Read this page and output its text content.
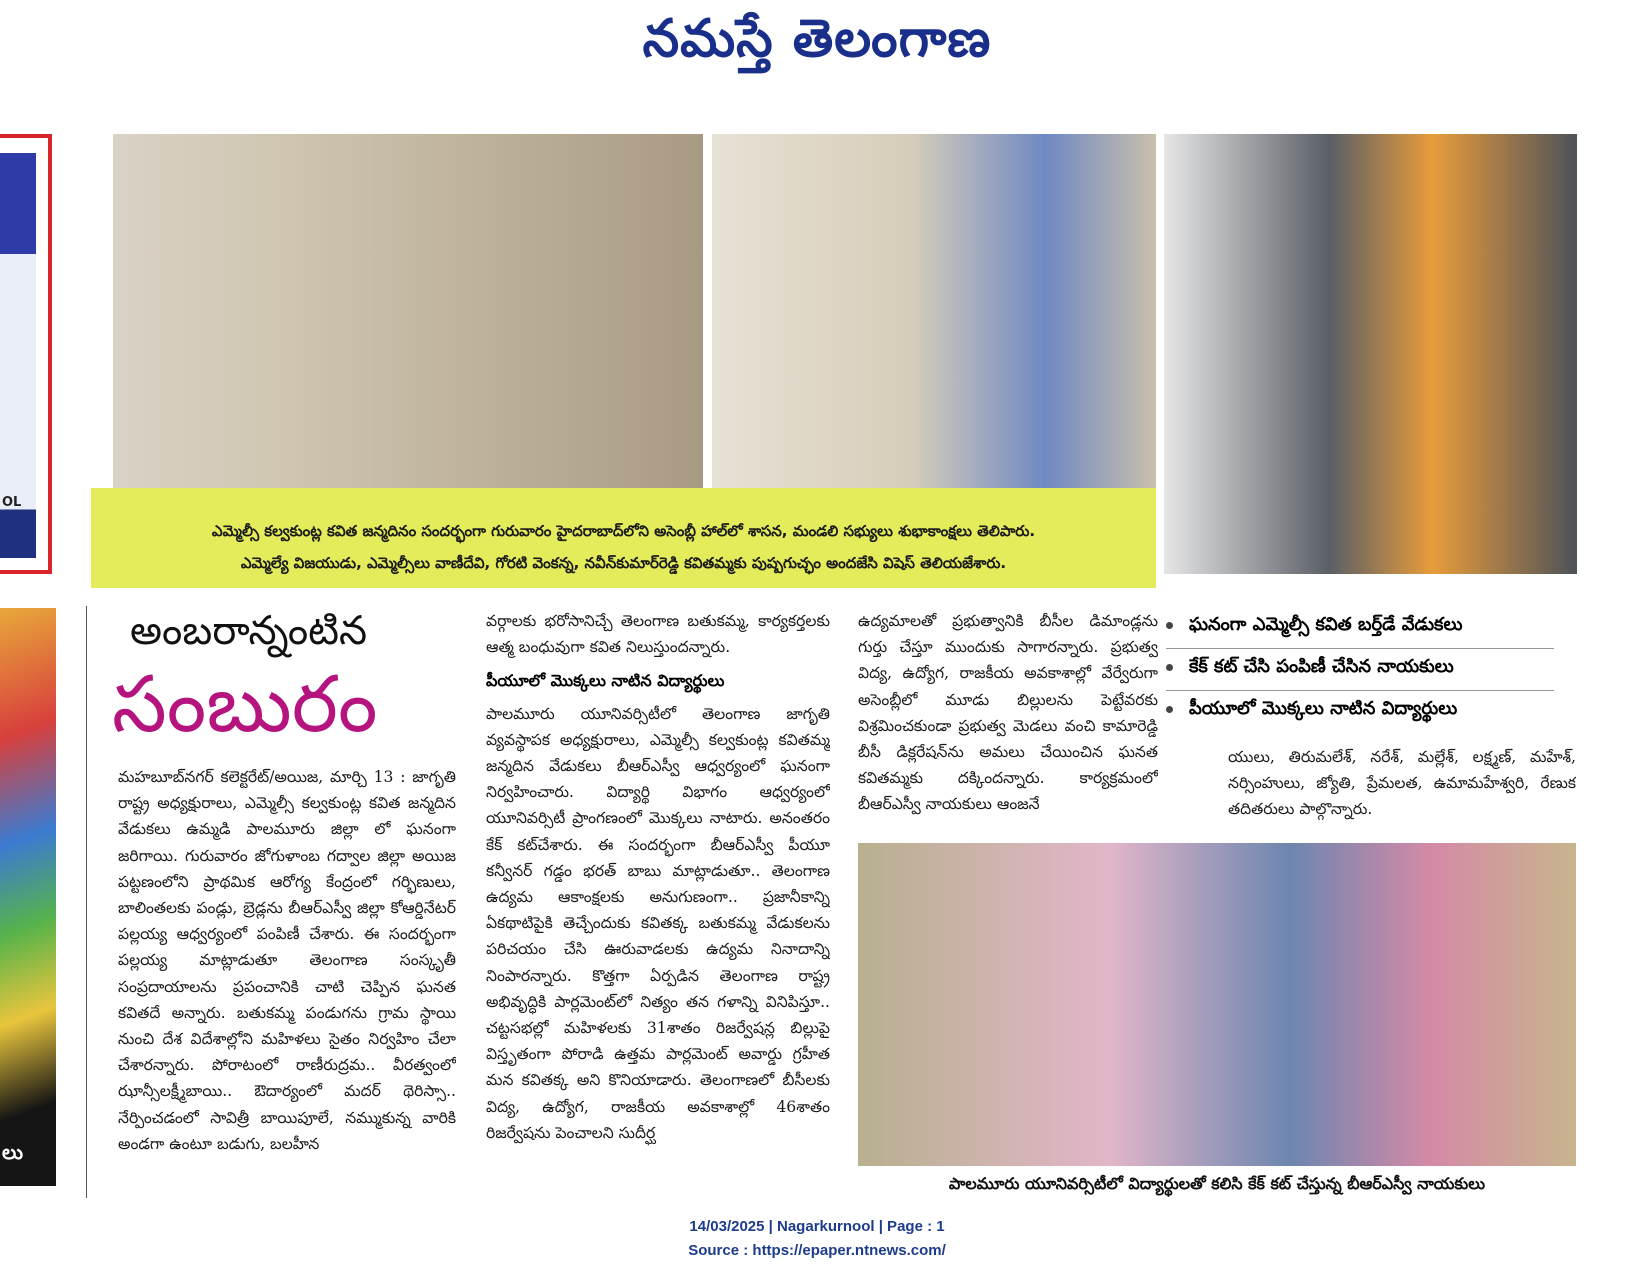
నమస్తే తెలంగాణ
OL
లు
ఎమ్మెల్సీ కల్వకుంట్ల కవిత జన్మదినం సందర్భంగా గురువారం హైదరాబాద్‌లోని అసెంబ్లీ హాల్‌లో శాసన, మండలి సభ్యులు శుభాకాంక్షలు తెలిపారు.
ఎమ్మెల్యే విజయుడు, ఎమ్మెల్సీలు వాణీదేవి, గోరటి వెంకన్న, నవీన్‌కుమార్‌రెడ్డి కవితమ్మకు పుష్పగుచ్ఛం అందజేసి విషెస్ తెలియజేశారు.
అంబరాన్నంటిన
సంబురం

మహబూబ్‌నగర్ కలెక్టరేట్/అయిజ, మార్చి 13 : జాగృతి రాష్ట్ర అధ్యక్షురాలు, ఎమ్మెల్సీ కల్వకుంట్ల కవిత జన్మదిన వేడుకలు ఉమ్మడి పాలమూరు జిల్లా లో ఘనంగా జరిగాయి. గురువారం జోగుళాంబ గద్వాల జిల్లా అయిజ పట్టణంలోని ప్రాథమిక ఆరోగ్య కేంద్రంలో గర్భిణులు, బాలింతలకు పండ్లు, బ్రెడ్లను బీఆర్ఎస్వీ జిల్లా కోఆర్డినేటర్ పల్లయ్య ఆధ్వర్యంలో పంపిణీ చేశారు. ఈ సందర్భంగా పల్లయ్య మాట్లాడుతూ తెలంగాణ సంస్కృతీ సంప్రదాయాలను ప్రపంచానికి చాటి చెప్పిన ఘనత కవితదే అన్నారు. బతుకమ్మ పండుగను గ్రామ స్థాయి నుంచి దేశ విదేశాల్లోని మహిళలు సైతం నిర్వహిం చేలా చేశారన్నారు. పోరాటంలో రాణీరుద్రమ.. వీరత్వంలో ఝాన్సీలక్ష్మీబాయి.. ఔదార్యంలో మదర్ థెరిస్సా.. నేర్పించడంలో సావిత్రీ బాయిపూలే, నమ్ముకున్న వారికి అండగా ఉంటూ బడుగు, బలహీన

వర్గాలకు భరోసానిచ్చే తెలంగాణ బతుకమ్మ, కార్యకర్తలకు ఆత్మ బంధువుగా కవిత నిలుస్తుందన్నారు.

పీయూలో మొక్కలు నాటిన విద్యార్థులు

పాలమూరు యూనివర్సిటీలో తెలంగాణ జాగృతి వ్యవస్థాపక అధ్యక్షురాలు, ఎమ్మెల్సీ కల్వకుంట్ల కవితమ్మ జన్మదిన వేడుకలు బీఆర్ఎస్వీ ఆధ్వర్యంలో ఘనంగా నిర్వహించారు. విద్యార్థి విభాగం ఆధ్వర్యంలో యూనివర్సిటీ ప్రాంగణంలో మొక్కలు నాటారు. అనంతరం కేక్ కట్‌చేశారు. ఈ సందర్భంగా బీఆర్ఎస్వీ పీయూ కన్వీనర్ గడ్డం భరత్ బాబు మాట్లాడుతూ.. తెలంగాణ ఉద్యమ ఆకాంక్షలకు అనుగుణంగా.. ప్రజానీకాన్ని ఏకథాటిపైకి తెచ్చేందుకు కవితక్క బతుకమ్మ వేడుకలను పరిచయం చేసి ఊరువాడలకు ఉద్యమ నినాదాన్ని నింపారన్నారు. కొత్తగా ఏర్పడిన తెలంగాణ రాష్ట్ర అభివృద్ధికి పార్లమెంట్‌లో నిత్యం తన గళాన్ని వినిపిస్తూ.. చట్టసభల్లో మహిళలకు 31శాతం రిజర్వేషన్ల బిల్లుపై విస్తృతంగా పోరాడి ఉత్తమ పార్లమెంట్ అవార్డు గ్రహీత మన కవితక్క అని కొనియాడారు. తెలంగాణలో బీసీలకు విద్య, ఉద్యోగ, రాజకీయ అవకాశాల్లో 46శాతం రిజర్వేషను పెంచాలని సుదీర్ఘ

ఉద్యమాలతో ప్రభుత్వానికి బీసీల డిమాండ్లను గుర్తు చేస్తూ ముందుకు సాగారన్నారు. ప్రభుత్వ విద్య, ఉద్యోగ, రాజకీయ అవకాశాల్లో వేర్వేరుగా అసెంబ్లీలో మూడు బిల్లులను పెట్టేవరకు విశ్రమించకుండా ప్రభుత్వ మెడలు వంచి కామారెడ్డి బీసీ డిక్లరేషన్‌ను అమలు చేయించిన ఘనత కవితమ్మకు దక్కిందన్నారు. కార్యక్రమంలో బీఆర్ఎస్వీ నాయకులు ఆంజనే

ఘనంగా ఎమ్మెల్సీ కవిత బర్త్‌డే వేడుకలు
కేక్ కట్ చేసి పంపిణీ చేసిన నాయకులు
పీయూలో మొక్కలు నాటిన విద్యార్థులు

యులు, తిరుమలేశ్, నరేశ్, మల్లేశ్, లక్ష్మణ్, మహేశ్, నర్సింహులు, జ్యోతి, ప్రేమలత, ఉమామహేశ్వరి, రేణుక తదితరులు పాల్గొన్నారు.

పాలమూరు యూనివర్సిటీలో విద్యార్థులతో కలిసి కేక్ కట్ చేస్తున్న బీఆర్ఎస్వీ నాయకులు
14/03/2025 | Nagarkurnool | Page : 1
Source : https://epaper.ntnews.com/
